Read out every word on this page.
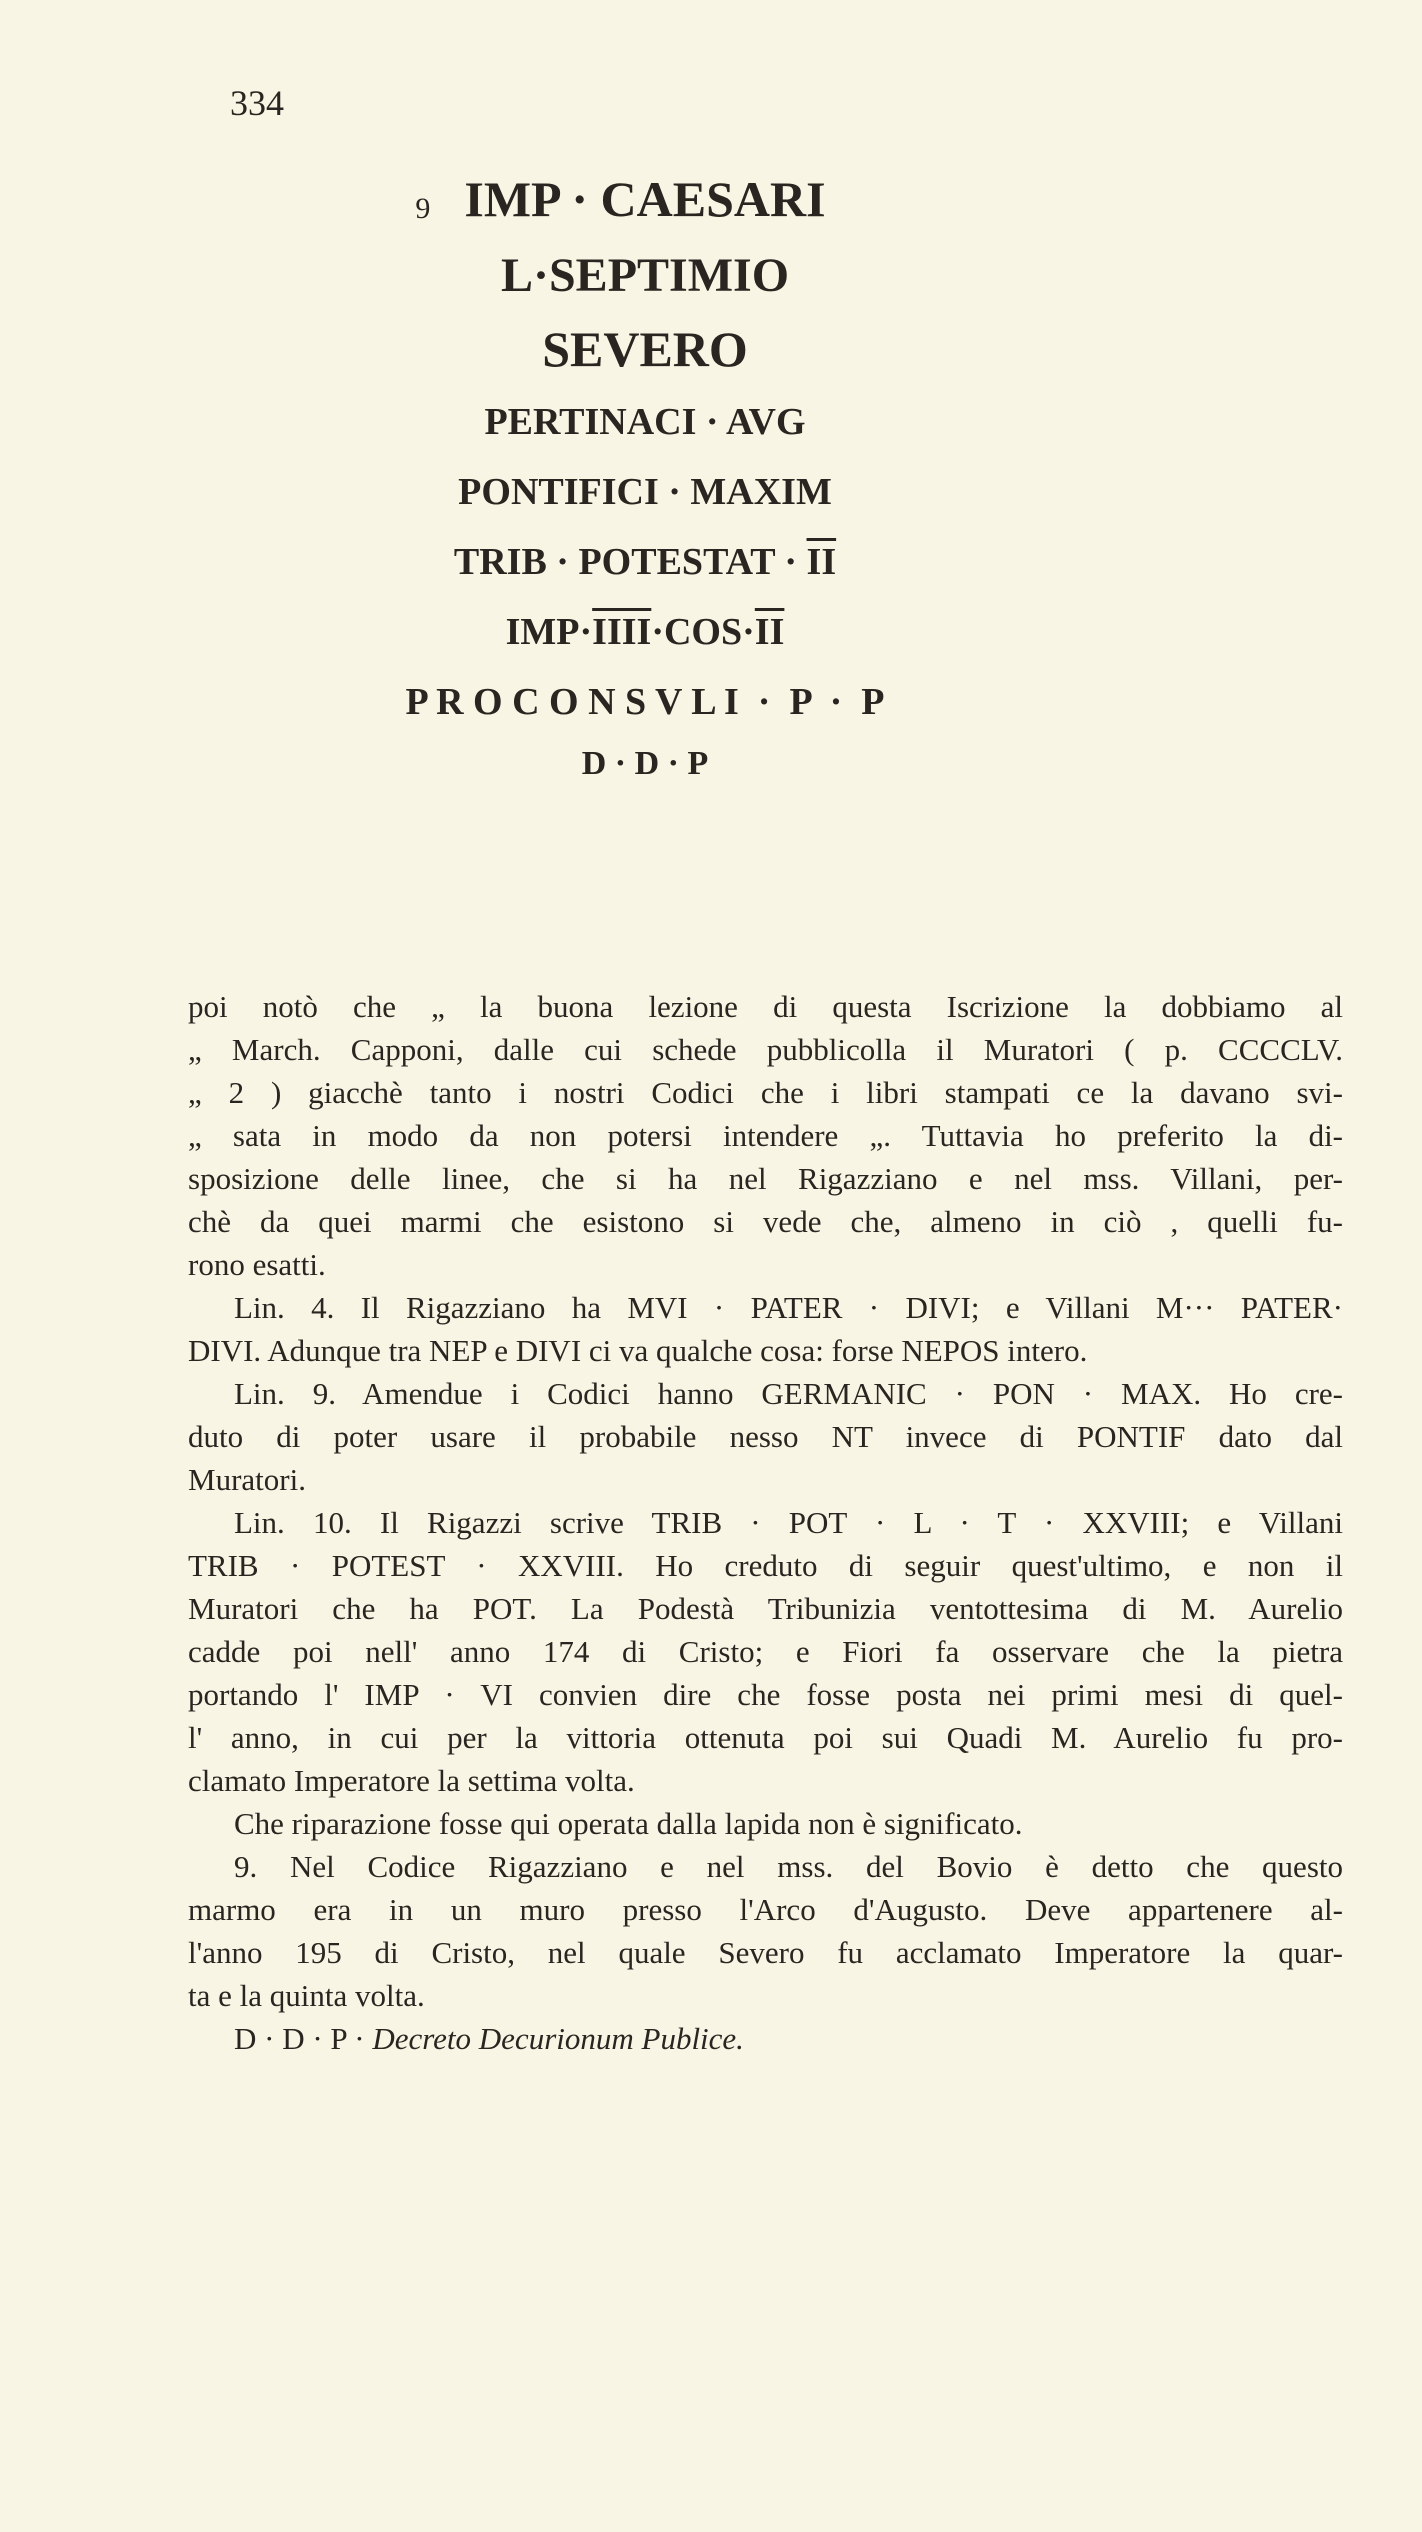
334
9 IMP · CAESARI
L·SEPTIMIO
SEVERO
PERTINACI · AVG
PONTIFICI · MAXIM
TRIB · POTESTAT · $\overline{II}$
$IMP\cdot IIII\cdot COS\cdot\overline{II}$
P R O C O N S V L I  ·  P  ·  P
D · D · P
poi notò che „ la buona lezione di questa Iscrizione la dobbiamo al
„ March. Capponi, dalle cui schede pubblicolla il Muratori ( p. CCCCLV.
„ 2 ) giacchè tanto i nostri Codici che i libri stampati ce la davano svi-
„ sata in modo da non potersi intendere „. Tuttavia ho preferito la di-
sposizione delle linee, che si ha nel Rigazziano e nel mss. Villani, per-
chè da quei marmi che esistono si vede che, almeno in ciò , quelli fu-
rono esatti.
Lin. 4. Il Rigazziano ha MVI · PATER · DIVI; e Villani M··· PATER·
DIVI. Adunque tra NEP e DIVI ci va qualche cosa: forse NEPOS intero.
Lin. 9. Amendue i Codici hanno GERMANIC · PON · MAX. Ho cre-
duto di poter usare il probabile nesso NT invece di PONTIF dato dal
Muratori.
Lin. 10. Il Rigazzi scrive TRIB · POT · L · T · XXVIII; e Villani
TRIB · POTEST · XXVIII. Ho creduto di seguir quest'ultimo, e non il
Muratori che ha POT. La Podestà Tribunizia ventottesima di M. Aurelio
cadde poi nell' anno 174 di Cristo; e Fiori fa osservare che la pietra
portando l' IMP · VI convien dire che fosse posta nei primi mesi di quel-
l' anno, in cui per la vittoria ottenuta poi sui Quadi M. Aurelio fu pro-
clamato Imperatore la settima volta.
Che riparazione fosse qui operata dalla lapida non è significato.
9. Nel Codice Rigazziano e nel mss. del Bovio è detto che questo
marmo era in un muro presso l'Arco d'Augusto. Deve appartenere al-
l'anno 195 di Cristo, nel quale Severo fu acclamato Imperatore la quar-
ta e la quinta volta.
D · D · P · Decreto Decurionum Publice.
